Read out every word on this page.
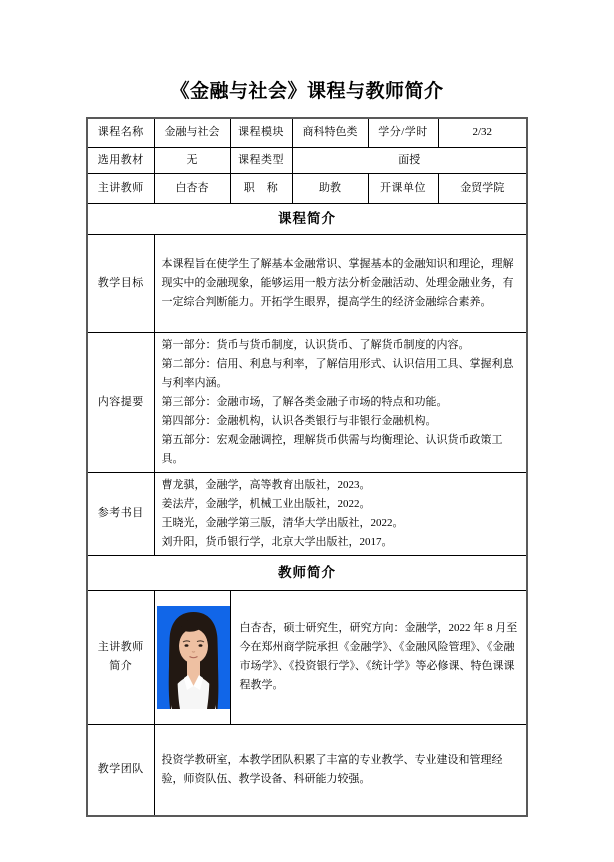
《金融与社会》课程与教师简介
课程名称	金融与社会	课程模块	商科特色类	学分/学时	2/32
选用教材	无	课程类型	面授		
主讲教师	白杏杏	职　称	助教	开课单位	金贸学院
课程简介					
教学目标	本课程旨在使学生了解基本金融常识、掌握基本的金融知识和理论，理解现实中的金融现象，能够运用一般方法分析金融活动、处理金融业务，有一定综合判断能力。开拓学生眼界，提高学生的经济金融综合素养。				
内容提要	第一部分：货币与货币制度，认识货币、了解货币制度的内容。
第二部分：信用、利息与利率，了解信用形式、认识信用工具、掌握利息与利率内涵。
第三部分：金融市场，了解各类金融子市场的特点和功能。
第四部分：金融机构，认识各类银行与非银行金融机构。
第五部分：宏观金融调控，理解货币供需与均衡理论、认识货币政策工具。				

参考书目	曹龙骐，金融学，高等教育出版社，2023。
姜法芹，金融学，机械工业出版社，2022。
王晓光，金融学第三版，清华大学出版社，2022。
刘升阳，货币银行学，北京大学出版社，2017。				

教师简介					

主讲教师
简介		白杏杏，硕士研究生，研究方向：金融学，2022 年 8 月至今在郑州商学院承担《金融学》、《金融风险管理》、《金融市场学》、《投资银行学》、《统计学》等必修课、特色课课程教学。			
教学团队	投资学教研室，本教学团队积累了丰富的专业教学、专业建设和管理经验，师资队伍、教学设备、科研能力较强。				
